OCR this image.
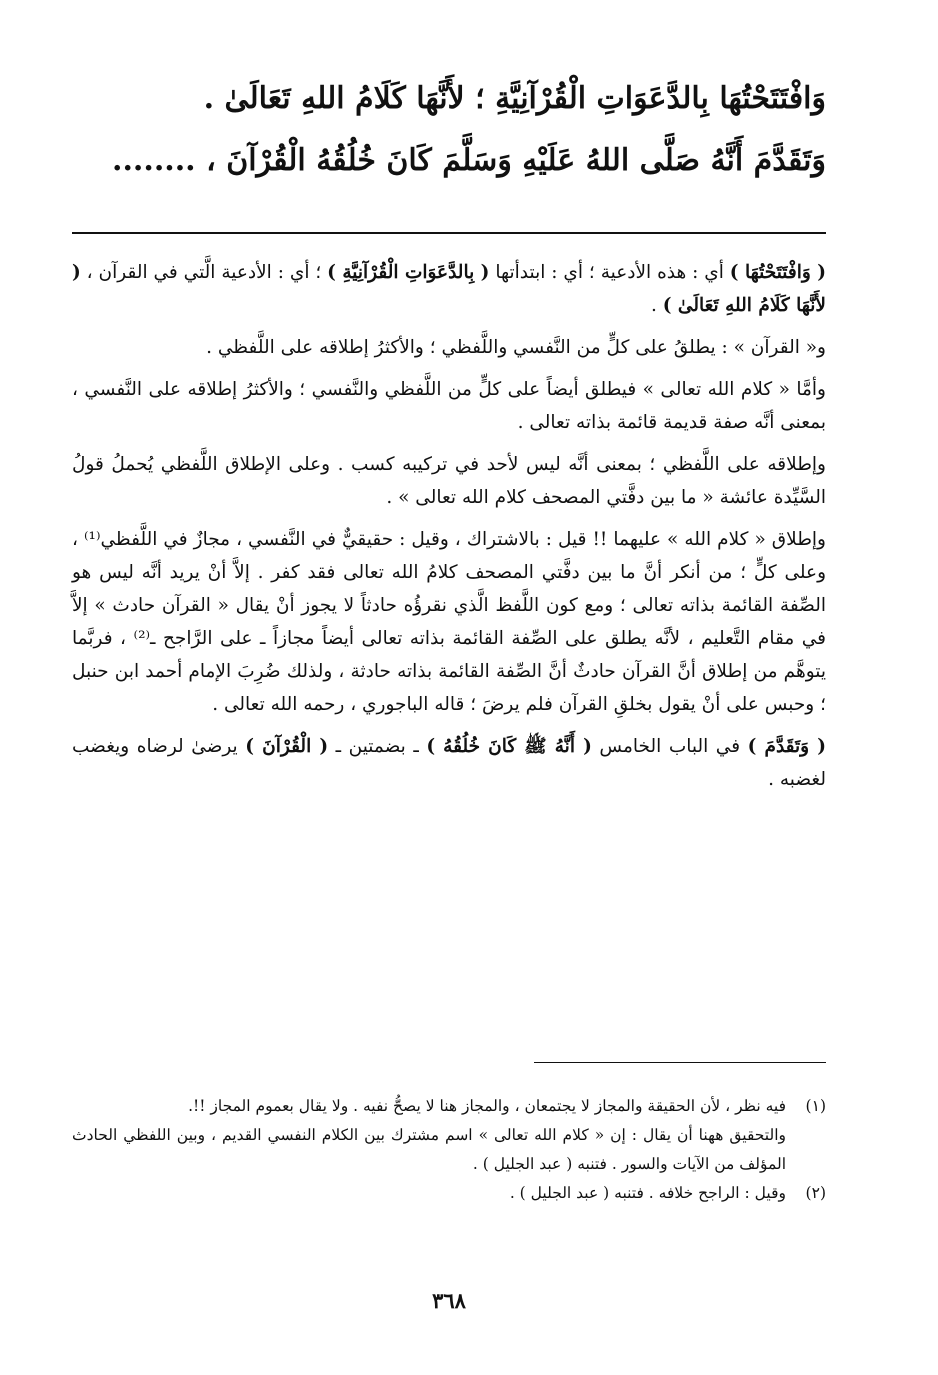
وَافْتَتَحْتُهَا بِالدَّعَوَاتِ الْقُرْآنِيَّةِ ؛ لأَنَّهَا كَلَامُ اللهِ تَعَالَىٰ .
وَتَقَدَّمَ أَنَّهُ صَلَّى اللهُ عَلَيْهِ وَسَلَّمَ كَانَ خُلُقُهُ الْقُرْآنَ ، ........

( وَافْتَتَحْتُهَا ) أي : هذه الأدعية ؛ أي : ابتدأتها ( بِالدَّعَوَاتِ الْقُرْآنِيَّةِ ) ؛ أي : الأدعية الَّتي في القرآن ، ( لأَنَّهَا كَلَامُ اللهِ تَعَالَىٰ ) .

و« القرآن » : يطلقُ على كلٍّ من النَّفسي واللَّفظي ؛ والأكثرُ إطلاقه على اللَّفظي .

وأمَّا « كلام الله تعالى » فيطلق أيضاً على كلٍّ من اللَّفظي والنَّفسي ؛ والأكثرُ إطلاقه على النَّفسي ، بمعنى أنَّه صفة قديمة قائمة بذاته تعالى .

وإطلاقه على اللَّفظي ؛ بمعنى أنَّه ليس لأحد في تركيبه كسب . وعلى الإطلاق اللَّفظي يُحملُ قولُ السَّيِّدة عائشة « ما بين دفَّتي المصحف كلام الله تعالى » .

وإطلاق « كلام الله » عليهما !! قيل : بالاشتراك ، وقيل : حقيقيٌّ في النَّفسي ، مجازٌ في اللَّفظي⁽¹⁾ ، وعلى كلٍّ ؛ من أنكر أنَّ ما بين دفَّتي المصحف كلامُ الله تعالى فقد كفر . إلاَّ أنْ يريد أنَّه ليس هو الصِّفة القائمة بذاته تعالى ؛ ومع كون اللَّفظ الَّذي نقرؤُه حادثاً لا يجوز أنْ يقال « القرآن حادث » إلاَّ في مقام التَّعليم ، لأنَّه يطلق على الصِّفة القائمة بذاته تعالى أيضاً مجازاً ـ على الرَّاجح ـ⁽²⁾ ، فربَّما يتوهَّم من إطلاق أنَّ القرآن حادثٌ أنَّ الصِّفة القائمة بذاته حادثة ، ولذلك ضُرِبَ الإمام أحمد ابن حنبل ؛ وحبس على أنْ يقول بخلقِ القرآن فلم يرضَ ؛ قاله الباجوري ، رحمه الله تعالى .

( وَتَقَدَّمَ ) في الباب الخامس ( أَنَّهُ ﷺ كَانَ خُلُقُهُ ) ـ بضمتين ـ ( الْقُرْآنَ ) يرضىٰ لرضاه ويغضب لغضبه .

(١)
فيه نظر ، لأن الحقيقة والمجاز لا يجتمعان ، والمجاز هنا لا يصحُّ نفيه . ولا يقال بعموم المجاز !!.
والتحقيق ههنا أن يقال : إن « كلام الله تعالى » اسم مشترك بين الكلام النفسي القديم ، وبين اللفظي الحادث المؤلف من الآيات والسور . فتنبه ( عبد الجليل ) .
(٢)
وقيل : الراجح خلافه . فتنبه ( عبد الجليل ) .
٣٦٨
